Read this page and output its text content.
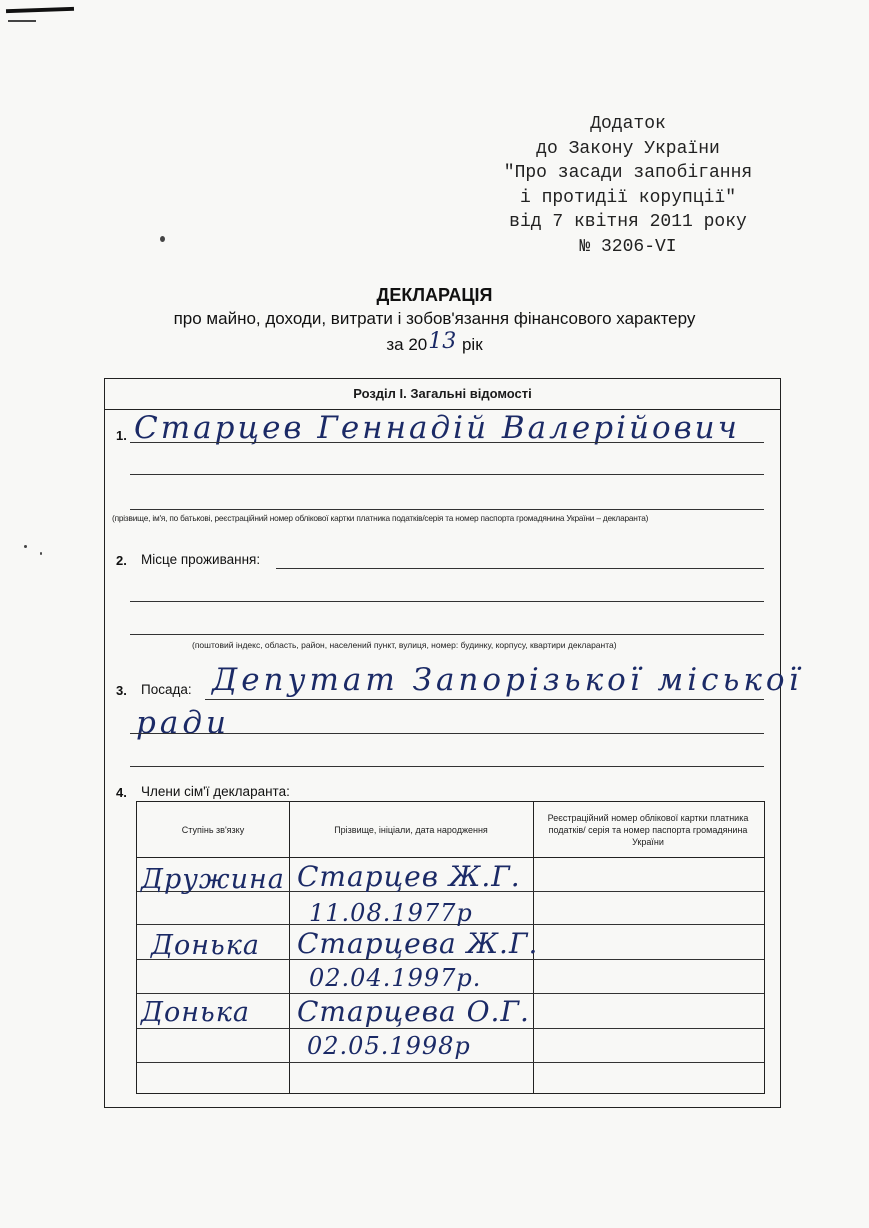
Додаток
до Закону України
"Про засади запобігання
і протидії корупції"
від 7 квітня 2011 року
№ 3206-VI
ДЕКЛАРАЦІЯ
про майно, доходи, витрати і зобов'язання фінансового характеру
за 2013 рік
Розділ І. Загальні відомості
1. Старцев Геннадій Валерійович
(прізвище, ім'я, по батькові, реєстраційний номер облікової картки платника податків/серія та номер паспорта громадянина України – декларанта)
2. Місце проживання:
(поштовий індекс, область, район, населений пункт, вулиця, номер: будинку, корпусу, квартири декларанта)
3. Посада: Депутат Запорізької міської
ради
4. Члени сім'ї декларанта:
Ступінь зв'язку	Прізвище, ініціали, дата народження
Реєстраційний номер облікової картки платника податків/ серія та номер паспорта громадянина України
Дружина Старцев Ж.Г.
11.08.1977р
Донька Старцева Ж.Г.
02.04.1997р.
Донька Старцева О.Г.
02.05.1998р
